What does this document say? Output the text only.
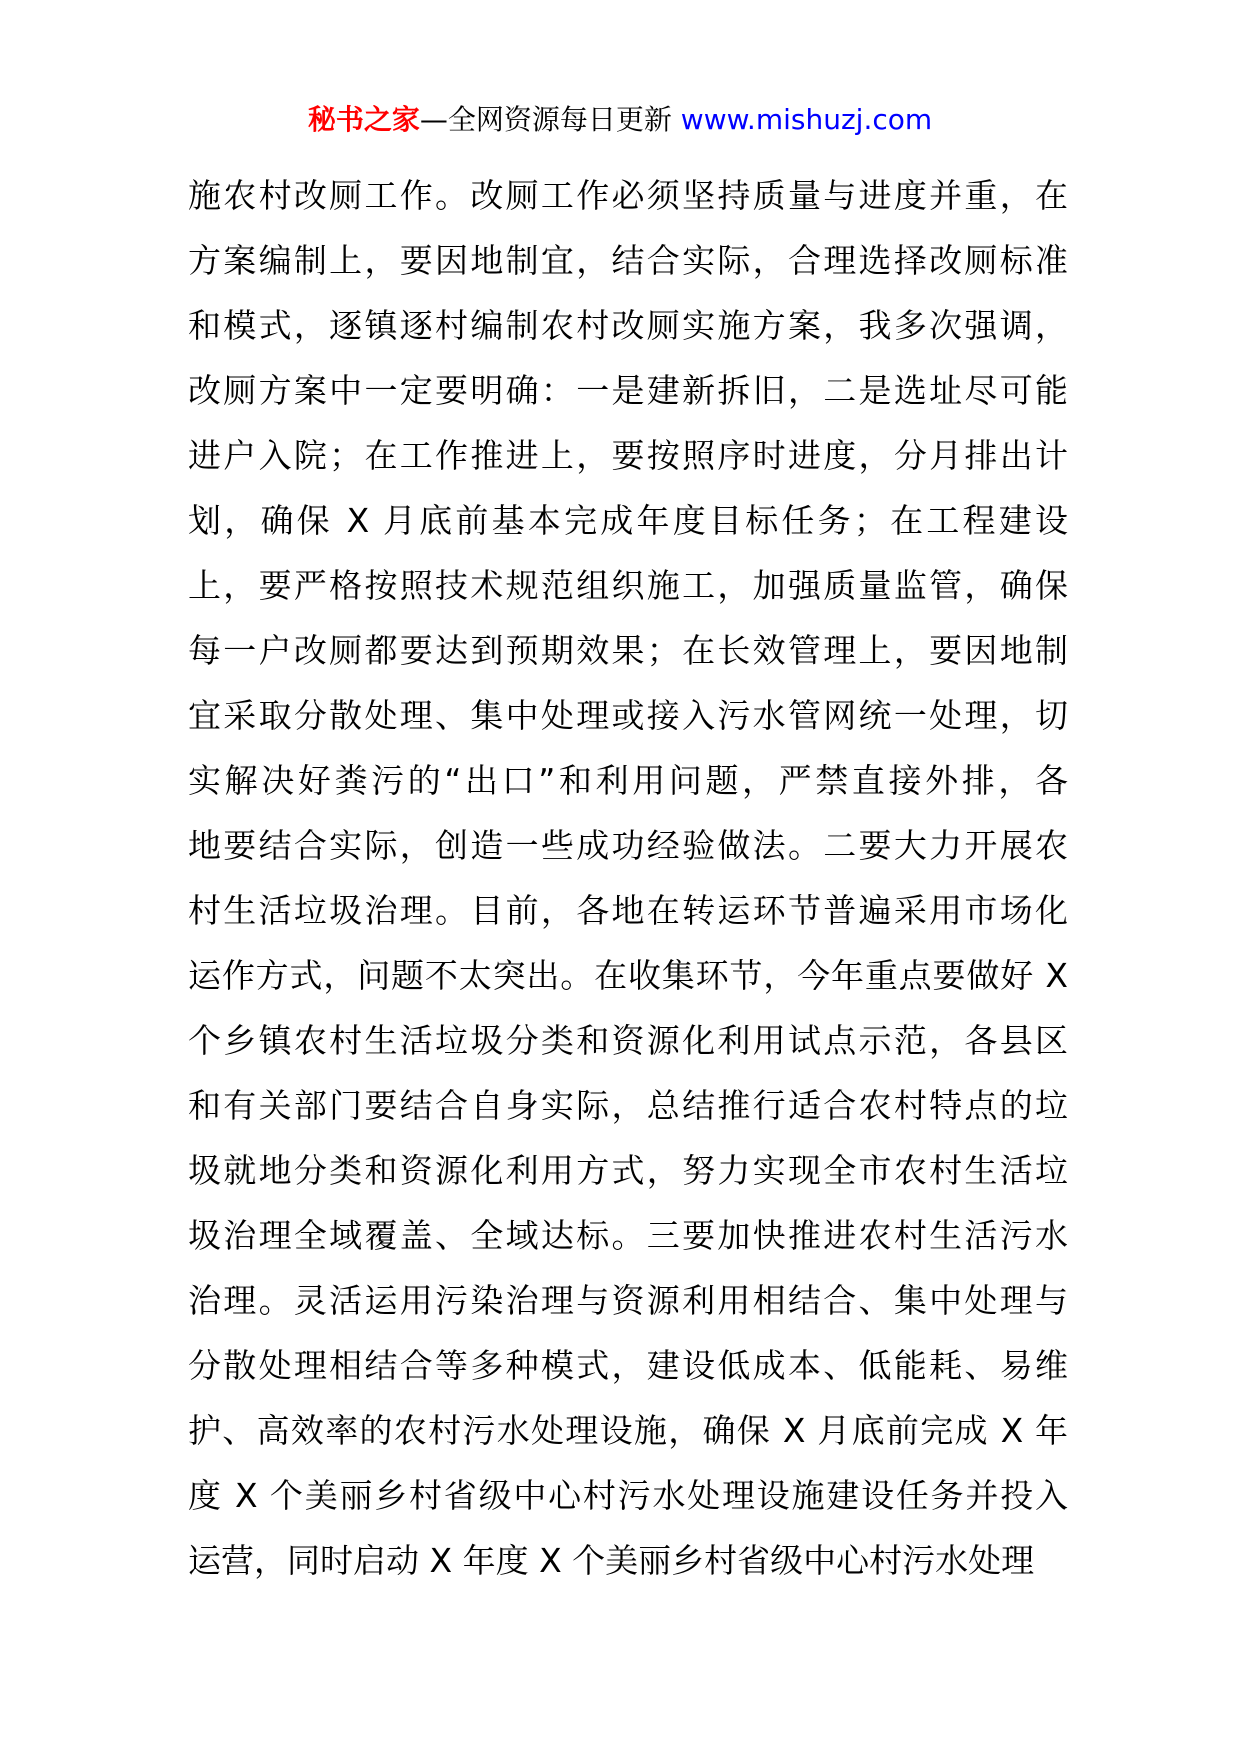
秘书之家—全网资源每日更新 www.mishuzj.com
施农村改厕工作。改厕工作必须坚持质量与进度并重，在
方案编制上，要因地制宜，结合实际，合理选择改厕标准
和模式，逐镇逐村编制农村改厕实施方案，我多次强调，
改厕方案中一定要明确：一是建新拆旧，二是选址尽可能
进户入院；在工作推进上，要按照序时进度，分月排出计
划，确保 X 月底前基本完成年度目标任务；在工程建设
上，要严格按照技术规范组织施工，加强质量监管，确保
每一户改厕都要达到预期效果；在长效管理上，要因地制
宜采取分散处理、集中处理或接入污水管网统一处理，切
实解决好粪污的“出口”和利用问题，严禁直接外排，各
地要结合实际，创造一些成功经验做法。二要大力开展农
村生活垃圾治理。目前，各地在转运环节普遍采用市场化
运作方式，问题不太突出。在收集环节，今年重点要做好 X
个乡镇农村生活垃圾分类和资源化利用试点示范，各县区
和有关部门要结合自身实际，总结推行适合农村特点的垃
圾就地分类和资源化利用方式，努力实现全市农村生活垃
圾治理全域覆盖、全域达标。三要加快推进农村生活污水
治理。灵活运用污染治理与资源利用相结合、集中处理与
分散处理相结合等多种模式，建设低成本、低能耗、易维
护、高效率的农村污水处理设施，确保 X 月底前完成 X 年
度 X 个美丽乡村省级中心村污水处理设施建设任务并投入
运营，同时启动 X 年度 X 个美丽乡村省级中心村污水处理
